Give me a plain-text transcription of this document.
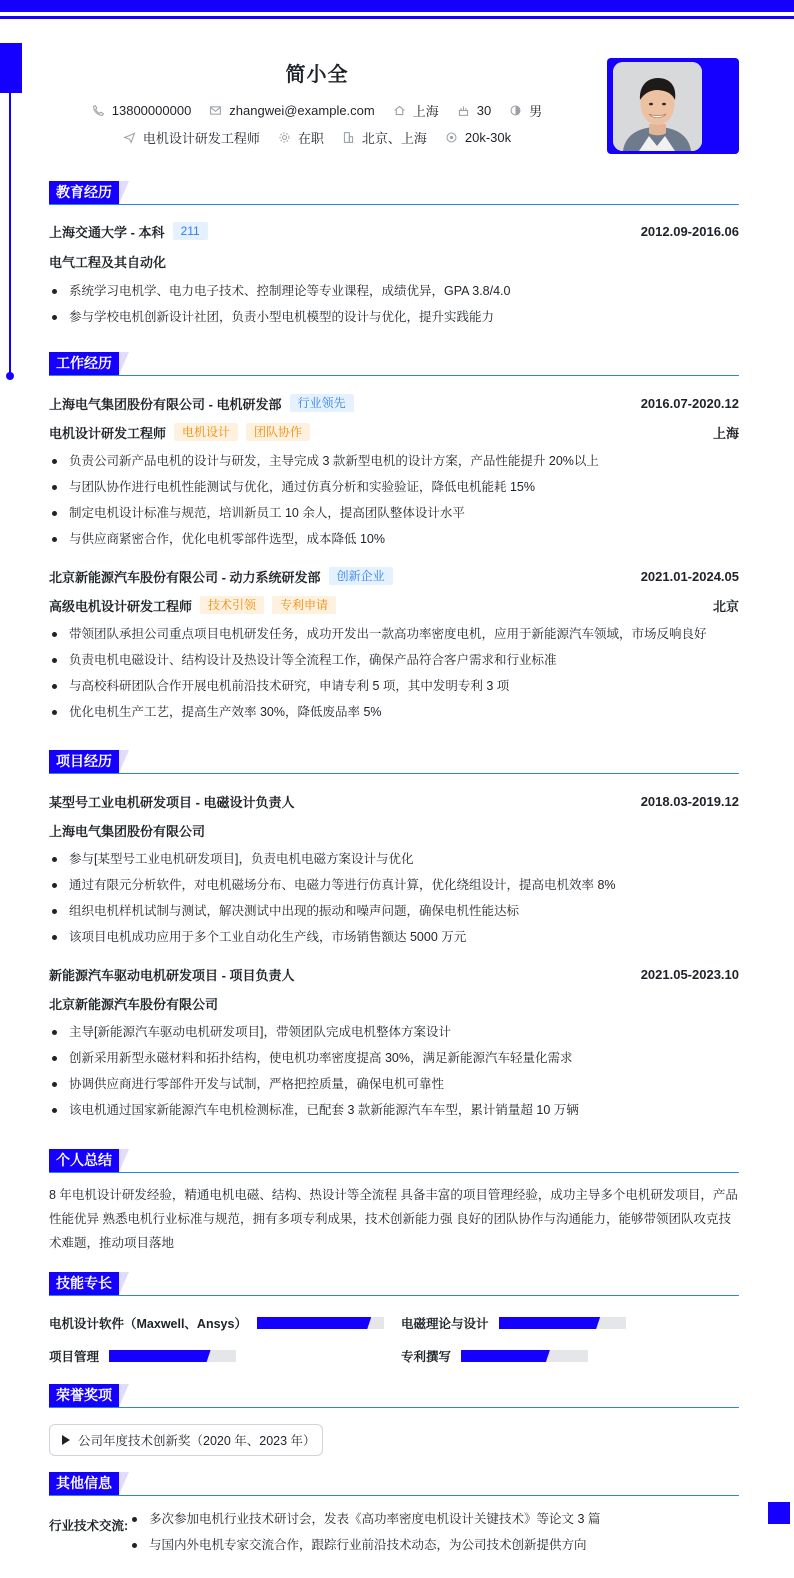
简小全
13800000000	zhangwei@example.com	上海	30	男
电机设计研发工程师	在职	北京、上海	20k-30k
教育经历
上海交通大学 - 本科	211	2012.09-2016.06
电气工程及其自动化
系统学习电机学、电力电子技术、控制理论等专业课程，成绩优异，GPA 3.8/4.0
参与学校电机创新设计社团，负责小型电机模型的设计与优化，提升实践能力
工作经历
上海电气集团股份有限公司 - 电机研发部	行业领先	2016.07-2020.12
电机设计研发工程师	电机设计	团队协作	上海
负责公司新产品电机的设计与研发，主导完成 3 款新型电机的设计方案，产品性能提升 20%以上
与团队协作进行电机性能测试与优化，通过仿真分析和实验验证，降低电机能耗 15%
制定电机设计标准与规范，培训新员工 10 余人，提高团队整体设计水平
与供应商紧密合作，优化电机零部件选型，成本降低 10%
北京新能源汽车股份有限公司 - 动力系统研发部	创新企业	2021.01-2024.05
高级电机设计研发工程师	技术引领	专利申请	北京
带领团队承担公司重点项目电机研发任务，成功开发出一款高功率密度电机，应用于新能源汽车领域，市场反响良好
负责电机电磁设计、结构设计及热设计等全流程工作，确保产品符合客户需求和行业标准
与高校科研团队合作开展电机前沿技术研究，申请专利 5 项，其中发明专利 3 项
优化电机生产工艺，提高生产效率 30%，降低废品率 5%
项目经历
某型号工业电机研发项目 - 电磁设计负责人	2018.03-2019.12
上海电气集团股份有限公司
参与[某型号工业电机研发项目]，负责电机电磁方案设计与优化
通过有限元分析软件，对电机磁场分布、电磁力等进行仿真计算，优化绕组设计，提高电机效率 8%
组织电机样机试制与测试，解决测试中出现的振动和噪声问题，确保电机性能达标
该项目电机成功应用于多个工业自动化生产线，市场销售额达 5000 万元
新能源汽车驱动电机研发项目 - 项目负责人	2021.05-2023.10
北京新能源汽车股份有限公司
主导[新能源汽车驱动电机研发项目]，带领团队完成电机整体方案设计
创新采用新型永磁材料和拓扑结构，使电机功率密度提高 30%，满足新能源汽车轻量化需求
协调供应商进行零部件开发与试制，严格把控质量，确保电机可靠性
该电机通过国家新能源汽车电机检测标准，已配套 3 款新能源汽车车型，累计销量超 10 万辆
个人总结
8 年电机设计研发经验，精通电机电磁、结构、热设计等全流程 具备丰富的项目管理经验，成功主导多个电机研发项目，产品性能优异 熟悉电机行业标准与规范，拥有多项专利成果，技术创新能力强 良好的团队协作与沟通能力，能够带领团队攻克技术难题，推动项目落地
技能专长
电机设计软件（Maxwell、Ansys）	电磁理论与设计
项目管理	专利撰写
荣誉奖项
公司年度技术创新奖（2020 年、2023 年）
其他信息
行业技术交流:	多次参加电机行业技术研讨会，发表《高功率密度电机设计关键技术》等论文 3 篇
与国内外电机专家交流合作，跟踪行业前沿技术动态，为公司技术创新提供方向
